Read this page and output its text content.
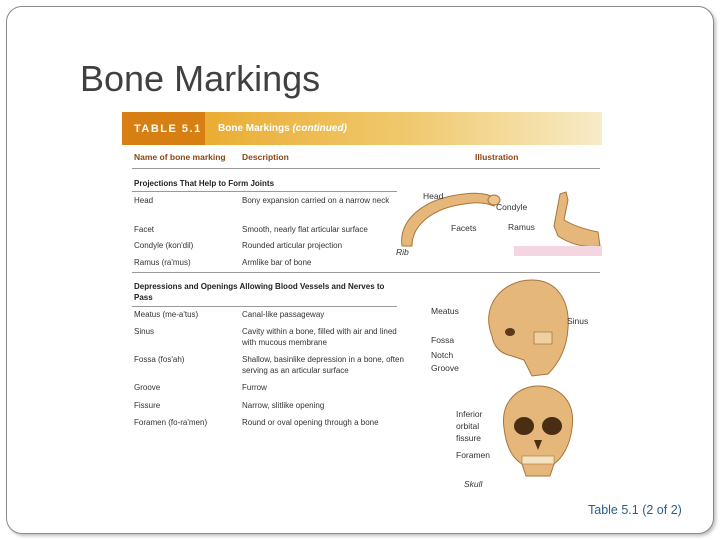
Bone Markings
TABLE 5.1 Bone Markings (continued)
Name of bone marking Description	Illustration
Projections That Help to Form Joints
Head	Bony expansion carried on a narrow neck
Facet	Smooth, nearly flat articular surface
Condyle (kon'dil)	Rounded articular projection
Ramus (ra'mus)	Armlike bar of bone
Depressions and Openings Allowing Blood Vessels and Nerves to Pass
Meatus (me-a'tus)	Canal-like passageway
Sinus	Cavity within a bone, filled with air and lined with mucous membrane
Fossa (fos'ah)	Shallow, basinlike depression in a bone, often serving as an articular surface
Groove	Furrow
Fissure	Narrow, slitlike opening
Foramen (fo-ra'men)	Round or oval opening through a bone
Head
Facets
Rib
Condyle
Ramus
Meatus
Sinus
Fossa
Notch
Groove
Inferior
orbital
fissure
Foramen
Skull
Table 5.1 (2 of 2)
